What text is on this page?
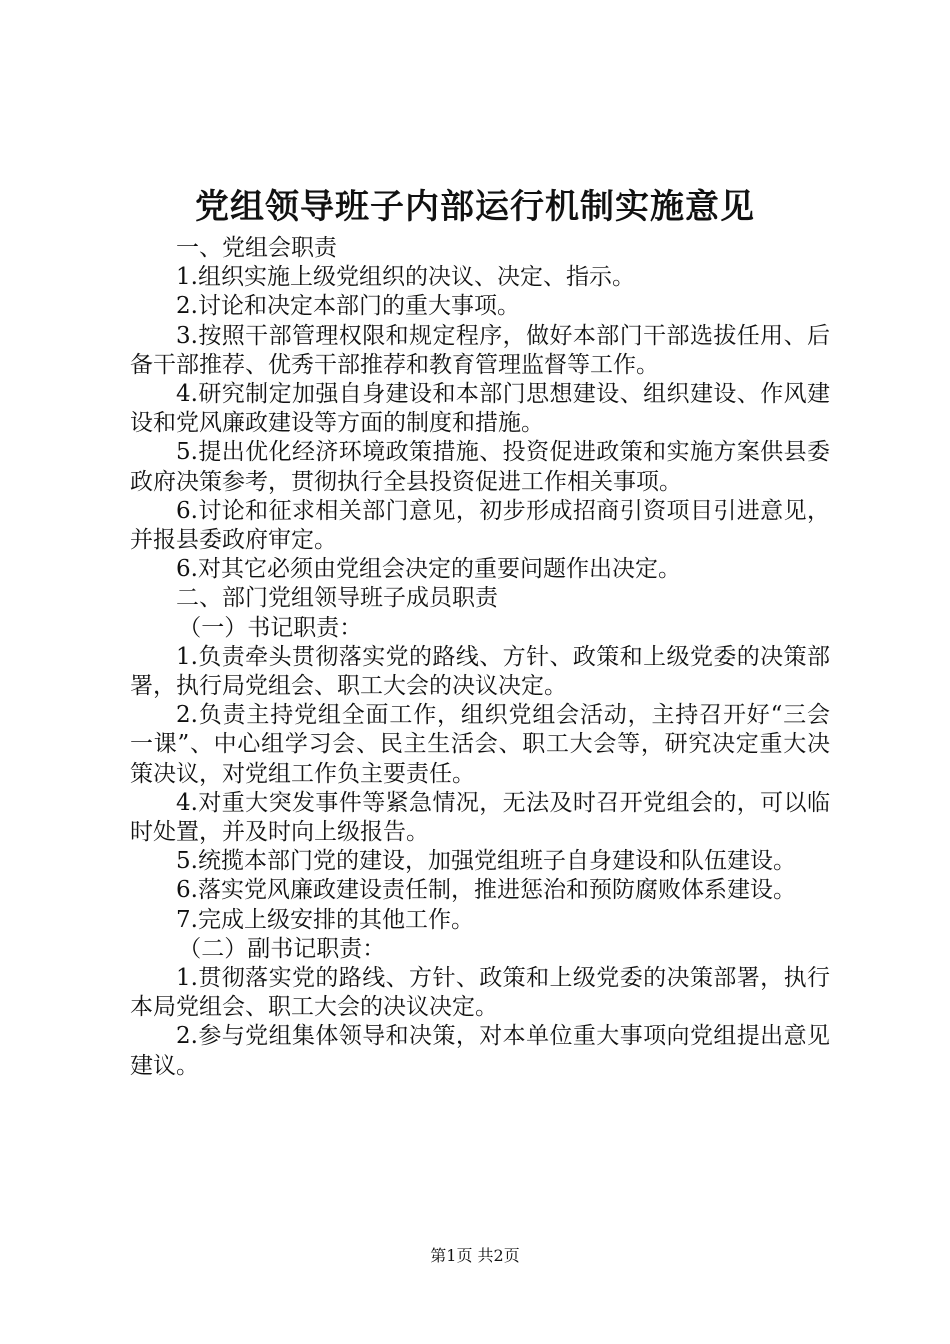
党组领导班子内部运行机制实施意见

一、党组会职责

1.组织实施上级党组织的决议、决定、指示。

2.讨论和决定本部门的重大事项。

3.按照干部管理权限和规定程序，做好本部门干部选拔任用、后备干部推荐、优秀干部推荐和教育管理监督等工作。

4.研究制定加强自身建设和本部门思想建设、组织建设、作风建设和党风廉政建设等方面的制度和措施。

5.提出优化经济环境政策措施、投资促进政策和实施方案供县委政府决策参考，贯彻执行全县投资促进工作相关事项。

6.讨论和征求相关部门意见，初步形成招商引资项目引进意见，并报县委政府审定。

6.对其它必须由党组会决定的重要问题作出决定。

二、部门党组领导班子成员职责

（一）书记职责：

1.负责牵头贯彻落实党的路线、方针、政策和上级党委的决策部署，执行局党组会、职工大会的决议决定。

2.负责主持党组全面工作，组织党组会活动，主持召开好“三会一课”、中心组学习会、民主生活会、职工大会等，研究决定重大决策决议，对党组工作负主要责任。

4.对重大突发事件等紧急情况，无法及时召开党组会的，可以临时处置，并及时向上级报告。

5.统揽本部门党的建设，加强党组班子自身建设和队伍建设。

6.落实党风廉政建设责任制，推进惩治和预防腐败体系建设。

7.完成上级安排的其他工作。

（二）副书记职责：

1.贯彻落实党的路线、方针、政策和上级党委的决策部署，执行本局党组会、职工大会的决议决定。

2.参与党组集体领导和决策，对本单位重大事项向党组提出意见建议。

第1页 共2页
